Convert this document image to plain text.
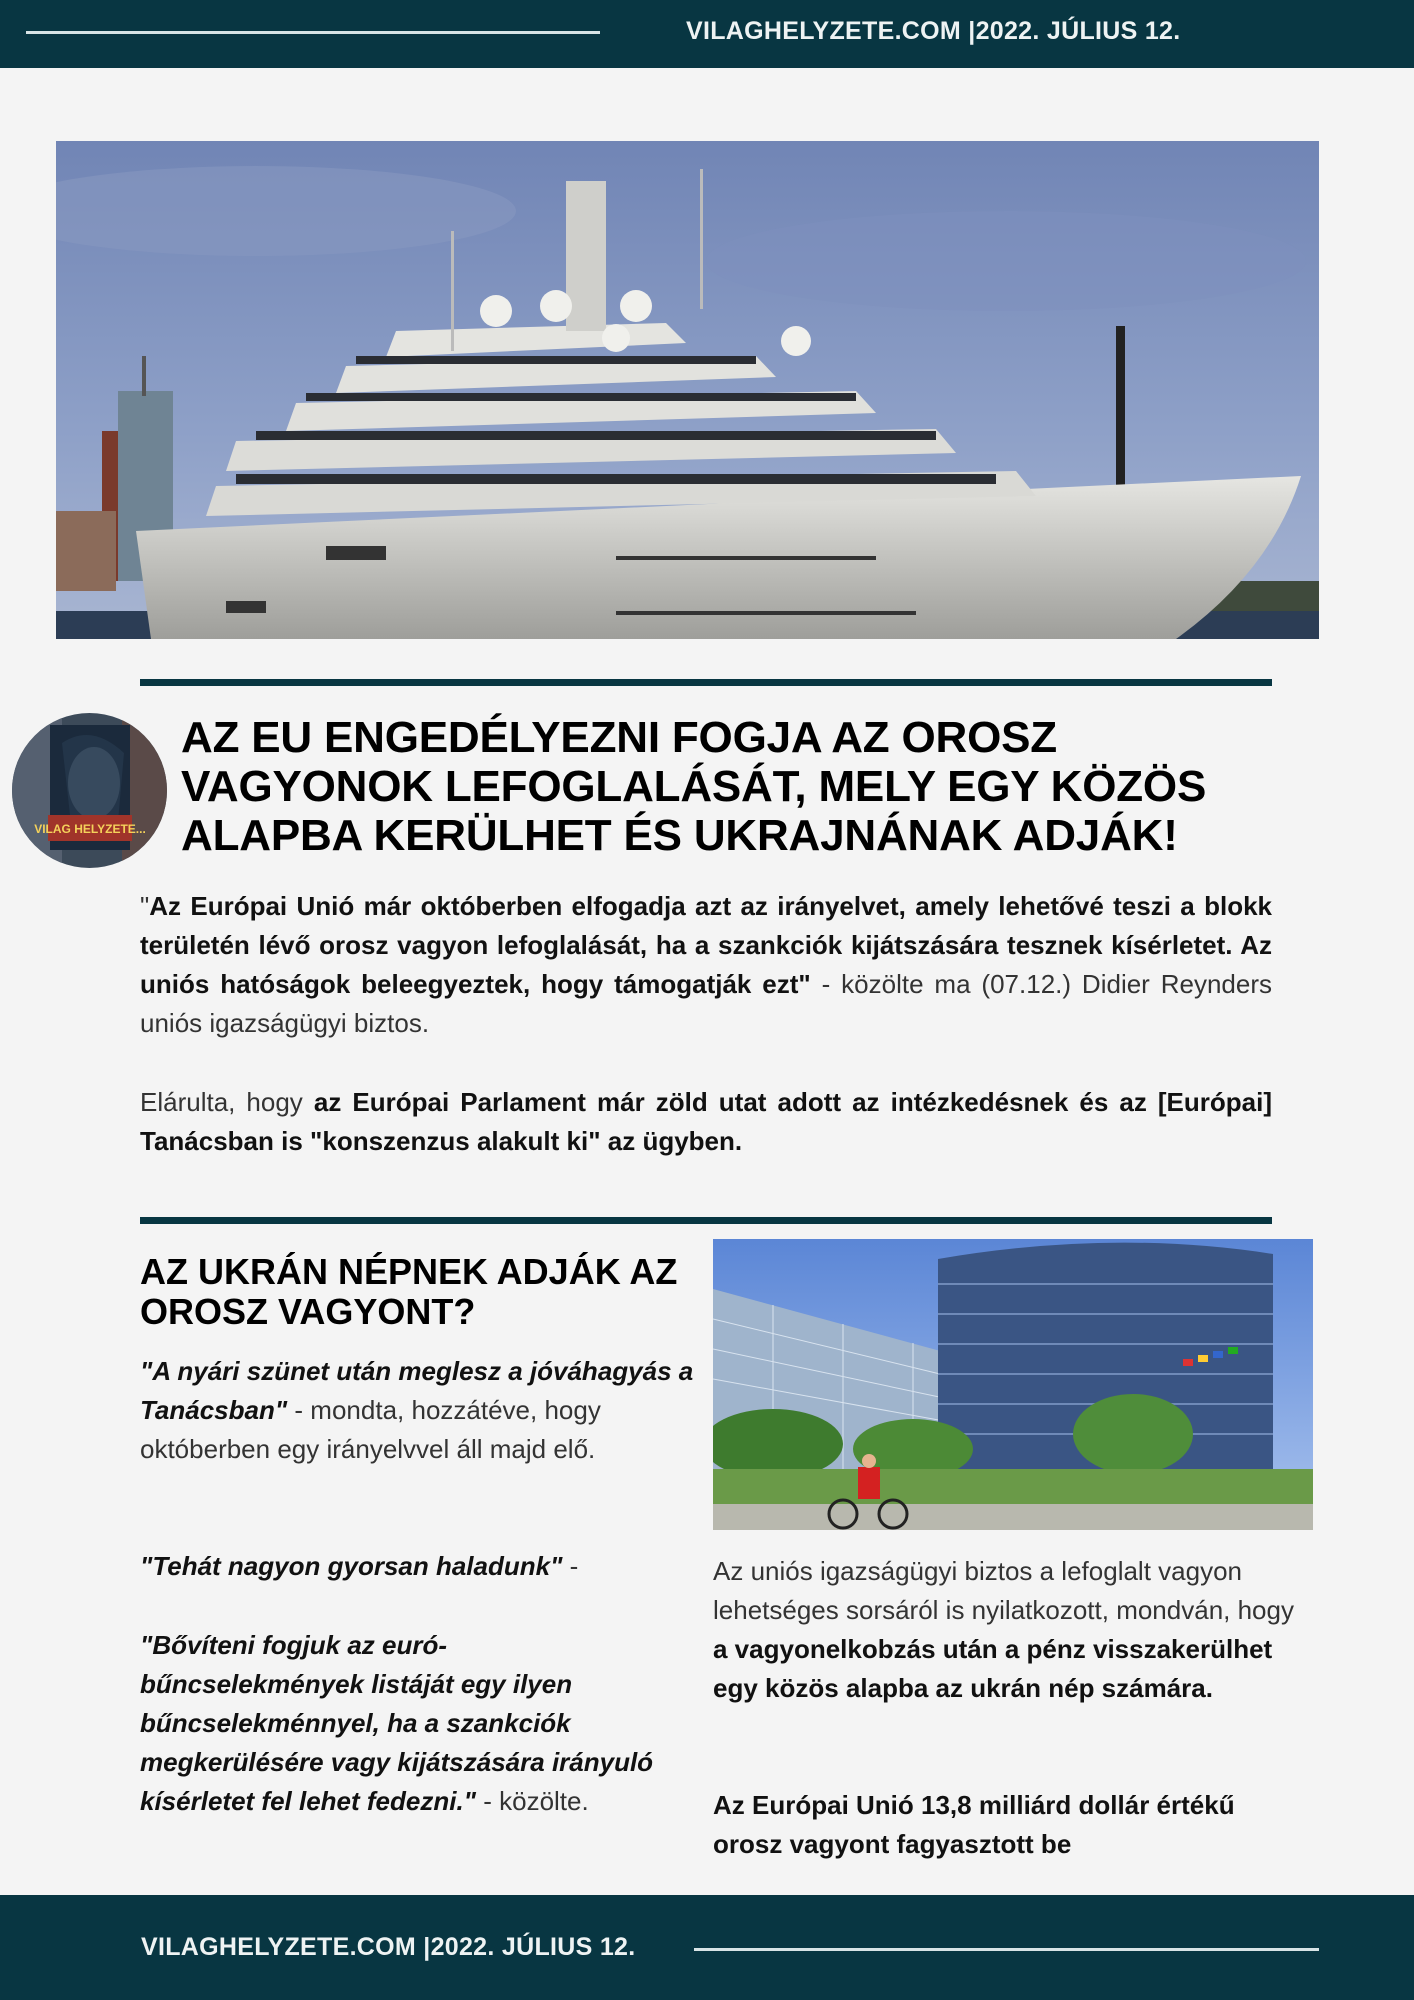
VILAGHELYZETE.COM |2022. JÚLIUS 12.
VILAG HELYZETE...
AZ EU ENGEDÉLYEZNI FOGJA AZ OROSZ VAGYONOK LEFOGLALÁSÁT, MELY EGY KÖZÖS ALAPBA KERÜLHET ÉS UKRAJNÁNAK ADJÁK!

"Az Európai Unió már októberben elfogadja azt az irányelvet, amely lehetővé teszi a blokk területén lévő orosz vagyon lefoglalását, ha a szankciók kijátszására tesznek kísérletet. Az uniós hatóságok beleegyeztek, hogy támogatják ezt" - közölte ma (07.12.) Didier Reynders uniós igazságügyi biztos.

Elárulta, hogy az Európai Parlament már zöld utat adott az intézkedésnek és az [Európai] Tanácsban is "konszenzus alakult ki" az ügyben.

AZ UKRÁN NÉPNEK ADJÁK AZ OROSZ VAGYONT?

"A nyári szünet után meglesz a jóváhagyás a Tanácsban" - mondta, hozzátéve, hogy októberben egy irányelvvel áll majd elő.

"Tehát nagyon gyorsan haladunk" -

"Bővíteni fogjuk az euró-bűncselekmények listáját egy ilyen bűncselekménnyel, ha a szankciók megkerülésére vagy kijátszására irányuló kísérletet fel lehet fedezni." - közölte.

Az uniós igazságügyi biztos a lefoglalt vagyon lehetséges sorsáról is nyilatkozott, mondván, hogy a vagyonelkobzás után a pénz visszakerülhet egy közös alapba az ukrán nép számára.

Az Európai Unió 13,8 milliárd dollár értékű orosz vagyont fagyasztott be

VILAGHELYZETE.COM |2022. JÚLIUS 12.
